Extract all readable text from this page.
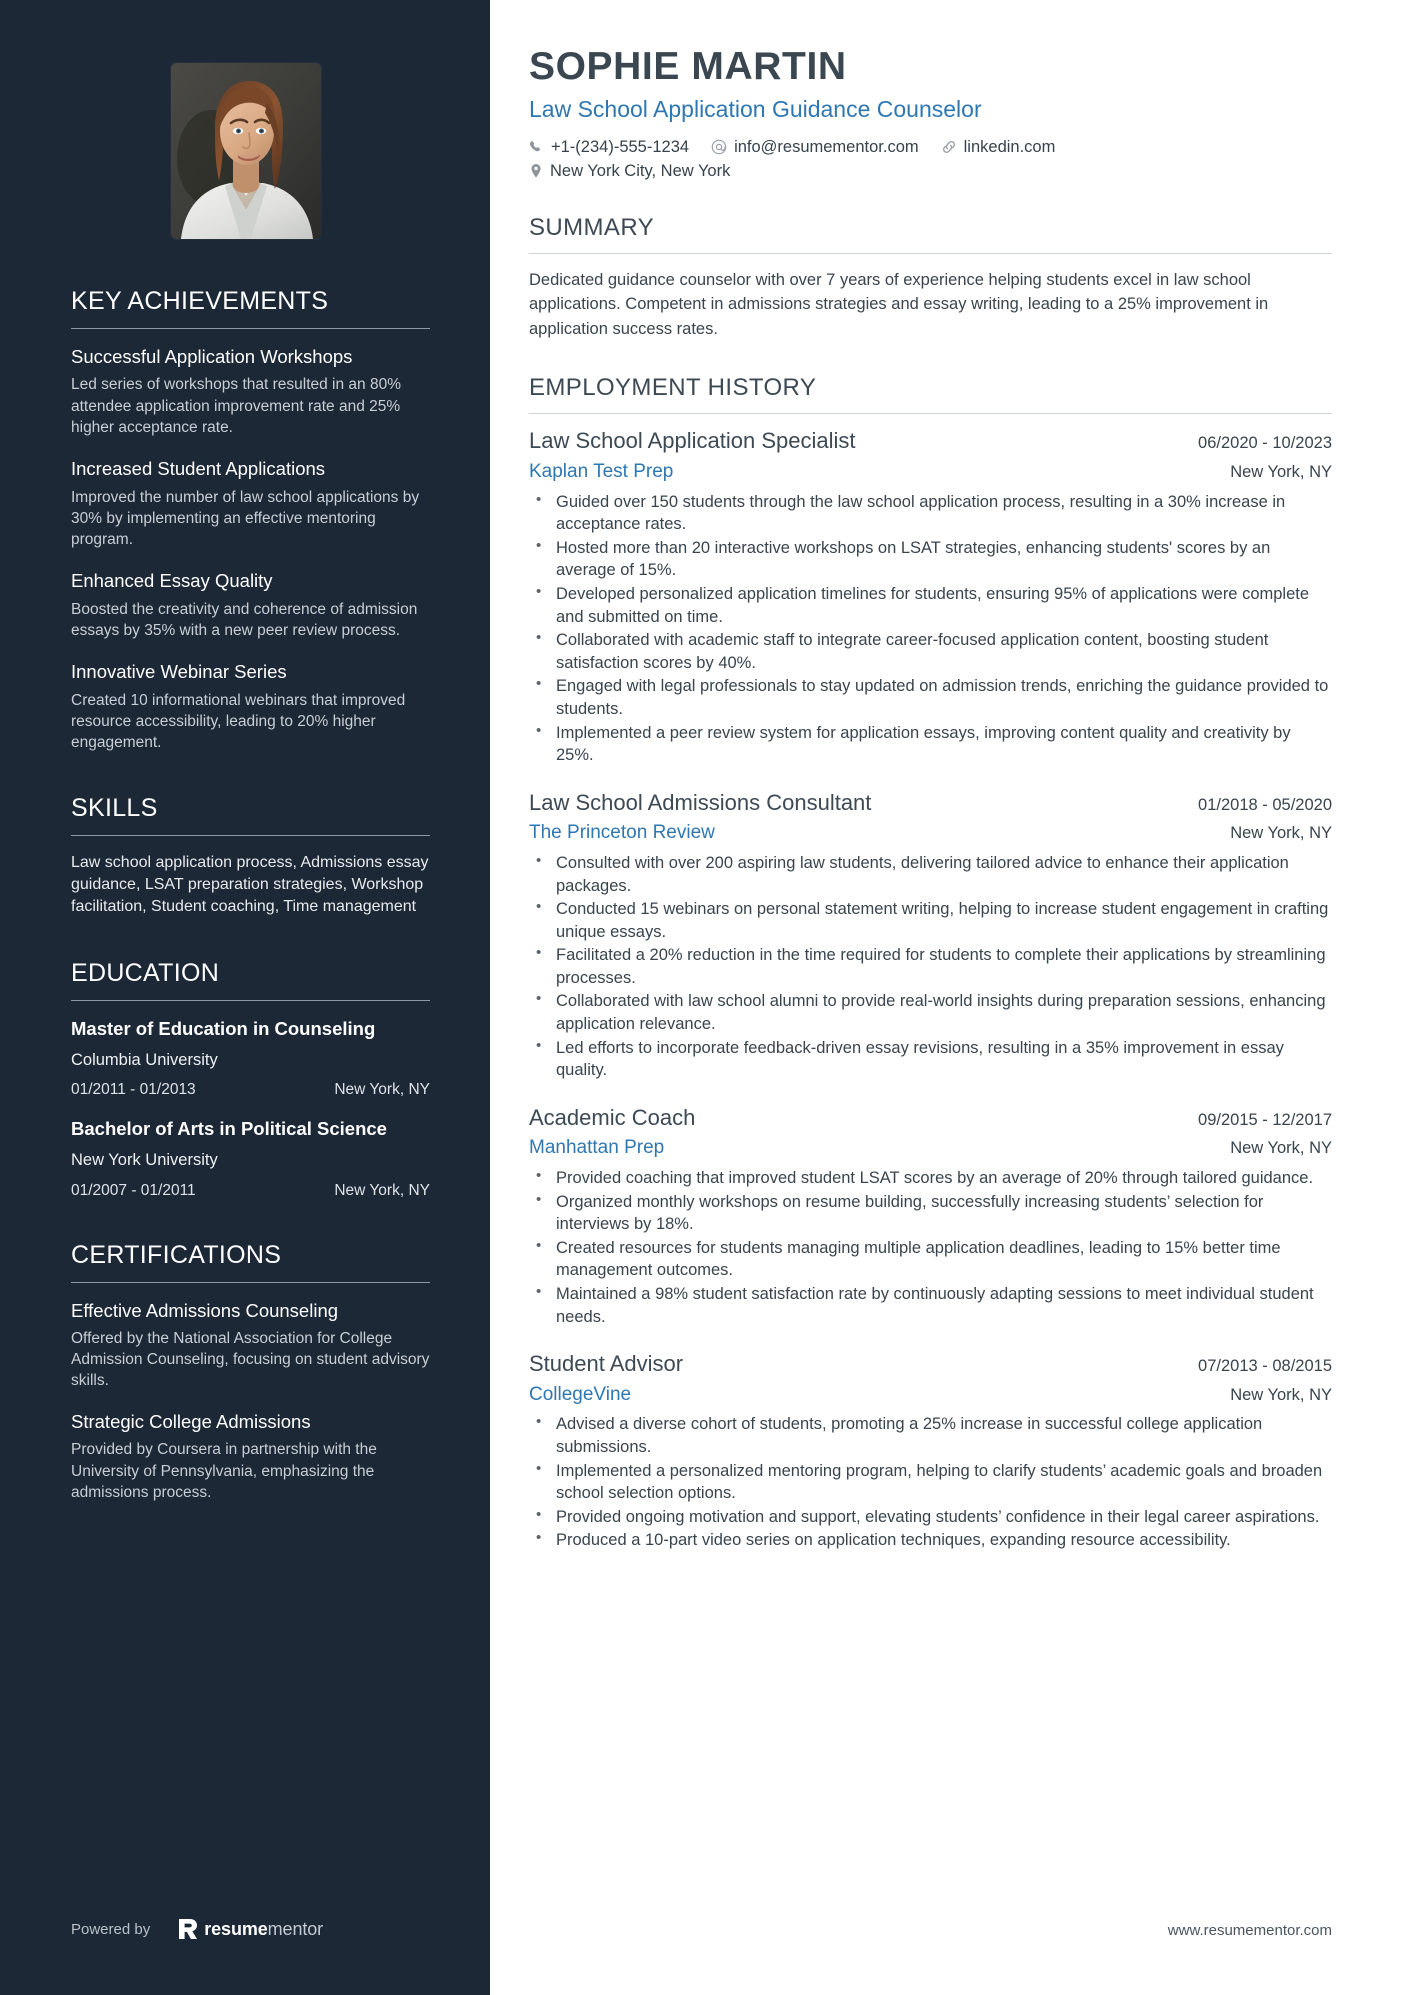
KEY ACHIEVEMENTS
Successful Application Workshops
Led series of workshops that resulted in an 80% attendee application improvement rate and 25% higher acceptance rate.
Increased Student Applications
Improved the number of law school applications by 30% by implementing an effective mentoring program.
Enhanced Essay Quality
Boosted the creativity and coherence of admission essays by 35% with a new peer review process.
Innovative Webinar Series
Created 10 informational webinars that improved resource accessibility, leading to 20% higher engagement.
SKILLS
Law school application process, Admissions essay guidance, LSAT preparation strategies, Workshop facilitation, Student coaching, Time management
EDUCATION
Master of Education in Counseling
Columbia University
01/2011 - 01/2013	New York, NY
Bachelor of Arts in Political Science
New York University
01/2007 - 01/2011	New York, NY
CERTIFICATIONS
Effective Admissions Counseling
Offered by the National Association for College Admission Counseling, focusing on student advisory skills.
Strategic College Admissions
Provided by Coursera in partnership with the University of Pennsylvania, emphasizing the admissions process.
Powered by	resumementor
SOPHIE MARTIN
Law School Application Guidance Counselor
+1-(234)-555-1234	info@resumementor.com	linkedin.com
New York City, New York
SUMMARY

Dedicated guidance counselor with over 7 years of experience helping students excel in law school applications. Competent in admissions strategies and essay writing, leading to a 25% improvement in application success rates.

EMPLOYMENT HISTORY
Law School Application Specialist	06/2020 - 10/2023
Kaplan Test Prep	New York, NY
• Guided over 150 students through the law school application process, resulting in a 30% increase in acceptance rates.
• Hosted more than 20 interactive workshops on LSAT strategies, enhancing students' scores by an average of 15%.
• Developed personalized application timelines for students, ensuring 95% of applications were complete and submitted on time.
• Collaborated with academic staff to integrate career-focused application content, boosting student satisfaction scores by 40%.
• Engaged with legal professionals to stay updated on admission trends, enriching the guidance provided to students.
• Implemented a peer review system for application essays, improving content quality and creativity by 25%.
Law School Admissions Consultant	01/2018 - 05/2020
The Princeton Review	New York, NY
• Consulted with over 200 aspiring law students, delivering tailored advice to enhance their application packages.
• Conducted 15 webinars on personal statement writing, helping to increase student engagement in crafting unique essays.
• Facilitated a 20% reduction in the time required for students to complete their applications by streamlining processes.
• Collaborated with law school alumni to provide real-world insights during preparation sessions, enhancing application relevance.
• Led efforts to incorporate feedback-driven essay revisions, resulting in a 35% improvement in essay quality.
Academic Coach	09/2015 - 12/2017
Manhattan Prep	New York, NY
• Provided coaching that improved student LSAT scores by an average of 20% through tailored guidance.
• Organized monthly workshops on resume building, successfully increasing students’ selection for interviews by 18%.
• Created resources for students managing multiple application deadlines, leading to 15% better time management outcomes.
• Maintained a 98% student satisfaction rate by continuously adapting sessions to meet individual student needs.
Student Advisor	07/2013 - 08/2015
CollegeVine	New York, NY
• Advised a diverse cohort of students, promoting a 25% increase in successful college application submissions.
• Implemented a personalized mentoring program, helping to clarify students’ academic goals and broaden school selection options.
• Provided ongoing motivation and support, elevating students’ confidence in their legal career aspirations.
• Produced a 10-part video series on application techniques, expanding resource accessibility.
www.resumementor.com
